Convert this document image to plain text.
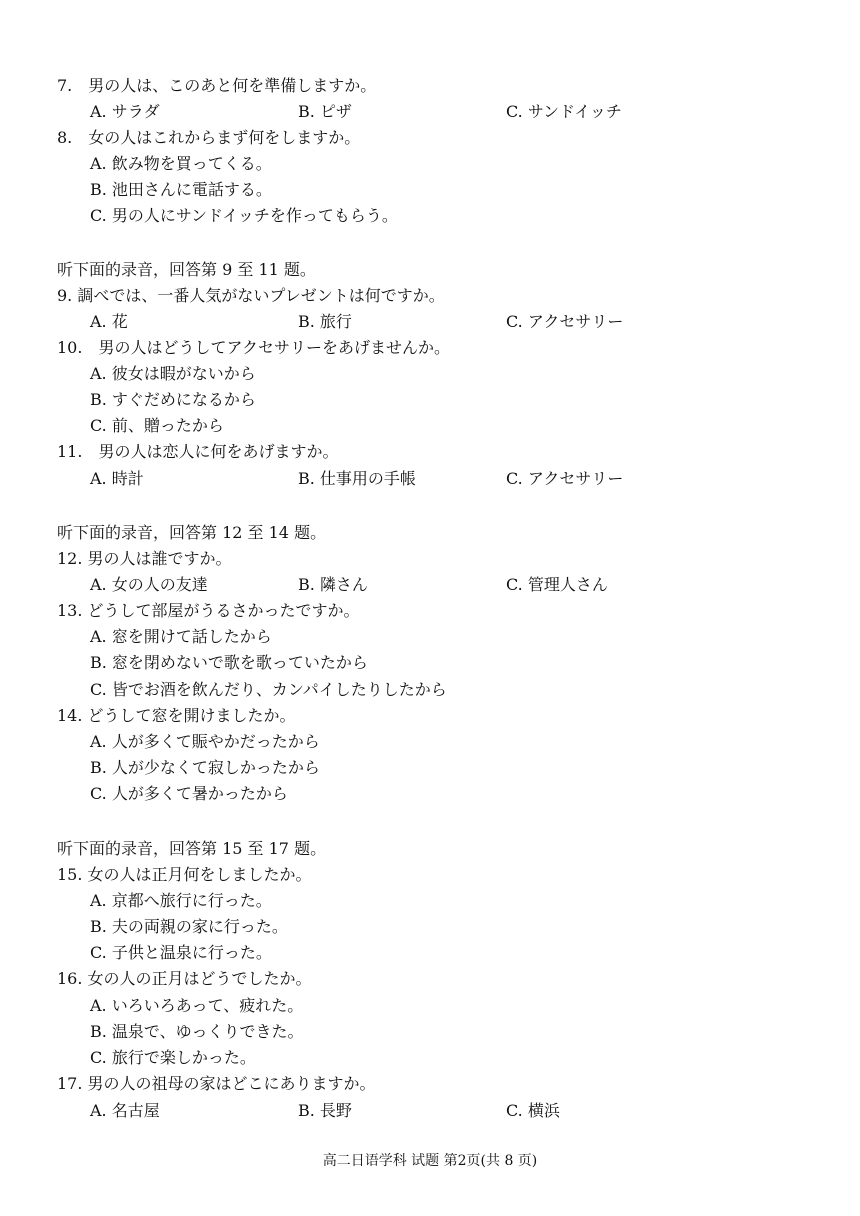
7.　男の人は、このあと何を準備しますか。
A. サラダ	B. ピザ	C. サンドイッチ
8.　女の人はこれからまず何をしますか。
A. 飲み物を買ってくる。
B. 池田さんに電話する。
C. 男の人にサンドイッチを作ってもらう。
听下面的录音，回答第 9 至 11 题。
9. 調べでは、一番人気がないプレゼントは何ですか。
A. 花	B. 旅行	C. アクセサリー
10.　男の人はどうしてアクセサリーをあげませんか。
A. 彼女は暇がないから
B. すぐだめになるから
C. 前、贈ったから
11.　男の人は恋人に何をあげますか。
A. 時計	B. 仕事用の手帳	C. アクセサリー
听下面的录音，回答第 12 至 14 题。
12. 男の人は誰ですか。
A. 女の人の友達	B. 隣さん	C. 管理人さん
13. どうして部屋がうるさかったですか。
A. 窓を開けて話したから
B. 窓を閉めないで歌を歌っていたから
C. 皆でお酒を飲んだり、カンパイしたりしたから
14. どうして窓を開けましたか。
A. 人が多くて賑やかだったから
B. 人が少なくて寂しかったから
C. 人が多くて暑かったから
听下面的录音，回答第 15 至 17 题。
15. 女の人は正月何をしましたか。
A. 京都へ旅行に行った。
B. 夫の両親の家に行った。
C. 子供と温泉に行った。
16. 女の人の正月はどうでしたか。
A. いろいろあって、疲れた。
B. 温泉で、ゆっくりできた。
C. 旅行で楽しかった。
17. 男の人の祖母の家はどこにありますか。
A. 名古屋	B. 長野	C. 横浜
高二日语学科 试题 第2页(共 8 页)
